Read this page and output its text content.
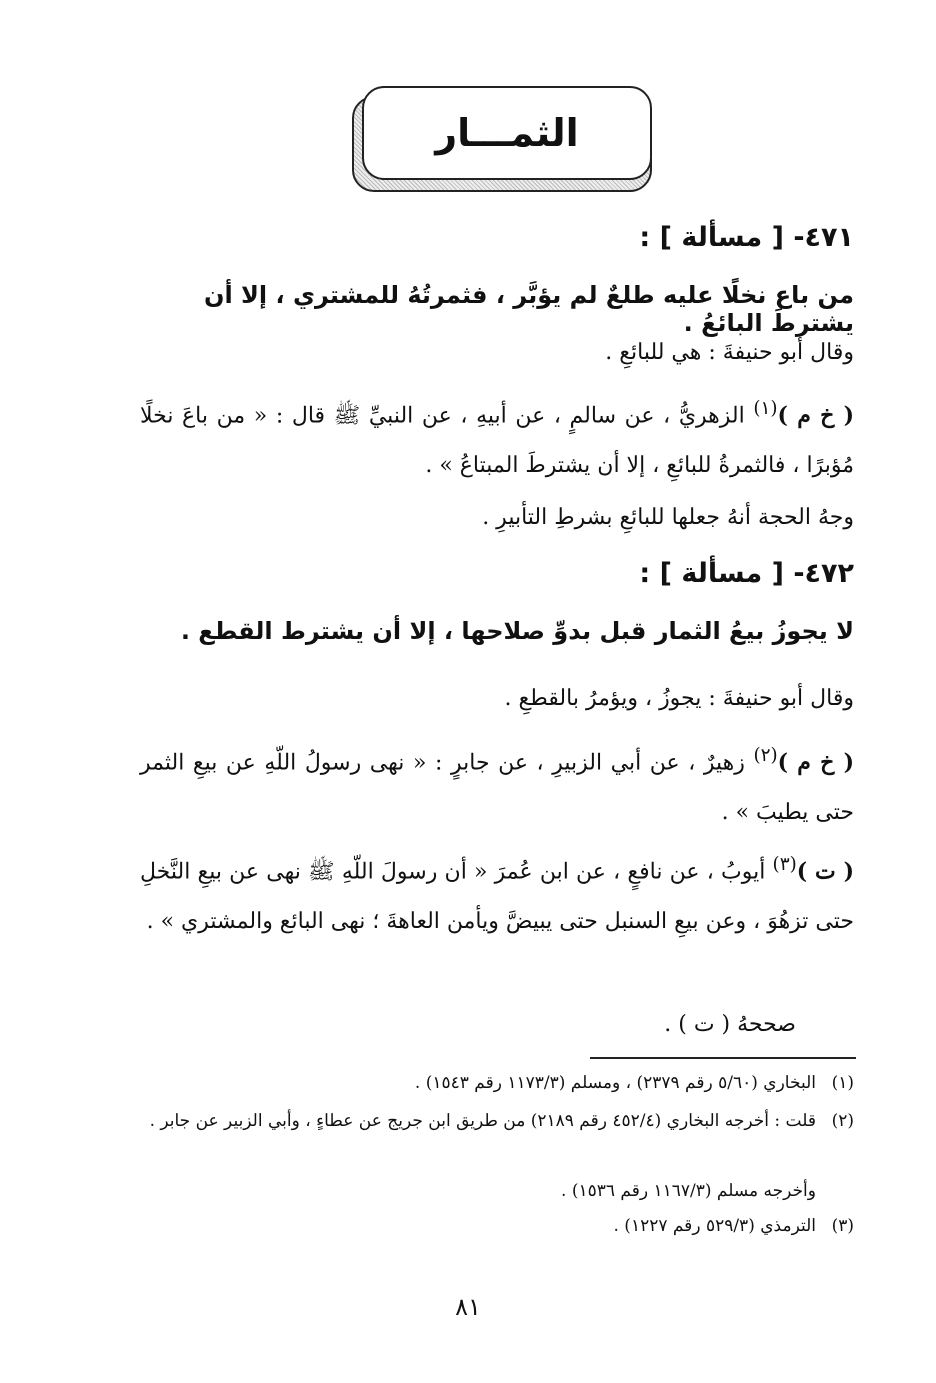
الثمـــار
٤٧١- [ مسألة ] :
من باع نخلًا عليه طلعٌ لم يؤبَّر ، فثمرتُهُ للمشتري ، إلا أن يشترطَ البائعُ .
وقال أبو حنيفةَ : هي للبائعِ .
( خ م )$^{(١)}$ الزهريُّ ، عن سالمٍ ، عن أبيهِ ، عن النبيِّ ﷺ قال : « من باعَ نخلًا مُؤبرًا ، فالثمرةُ للبائعِ ، إلا أن يشترطَ المبتاعُ » .
وجهُ الحجة أنهُ جعلها للبائعِ بشرطِ التأبيرِ .
٤٧٢- [ مسألة ] :
لا يجوزُ بيعُ الثمار قبل بدوِّ صلاحها ، إلا أن يشترط القطع .
وقال أبو حنيفةَ : يجوزُ ، ويؤمرُ بالقطعِ .
( خ م )$^{(٢)}$ زهيرٌ ، عن أبي الزبيرِ ، عن جابرٍ : « نهى رسولُ اللّهِ عن بيعِ الثمر حتى يطيبَ » .
( ت )$^{(٣)}$ أيوبُ ، عن نافعٍ ، عن ابن عُمرَ « أن رسولَ اللّهِ ﷺ نهى عن بيعِ النَّخلِ حتى تزهُوَ ، وعن بيعِ السنبل حتى يبيضَّ ويأمن العاهةَ ؛ نهى البائع والمشتري » .
صححهُ ( ت ) .
(١)البخاري (٥/٦٠ رقم ٢٣٧٩) ، ومسلم (١١٧٣/٣ رقم ١٥٤٣) .
(٢)قلت : أخرجه البخاري (٤٥٢/٤ رقم ٢١٨٩) من طريق ابن جريج عن عطاءٍ ، وأبي الزبير عن جابر .
وأخرجه مسلم (١١٦٧/٣ رقم ١٥٣٦) .
(٣)الترمذي (٥٢٩/٣ رقم ١٢٢٧) .
٨١
